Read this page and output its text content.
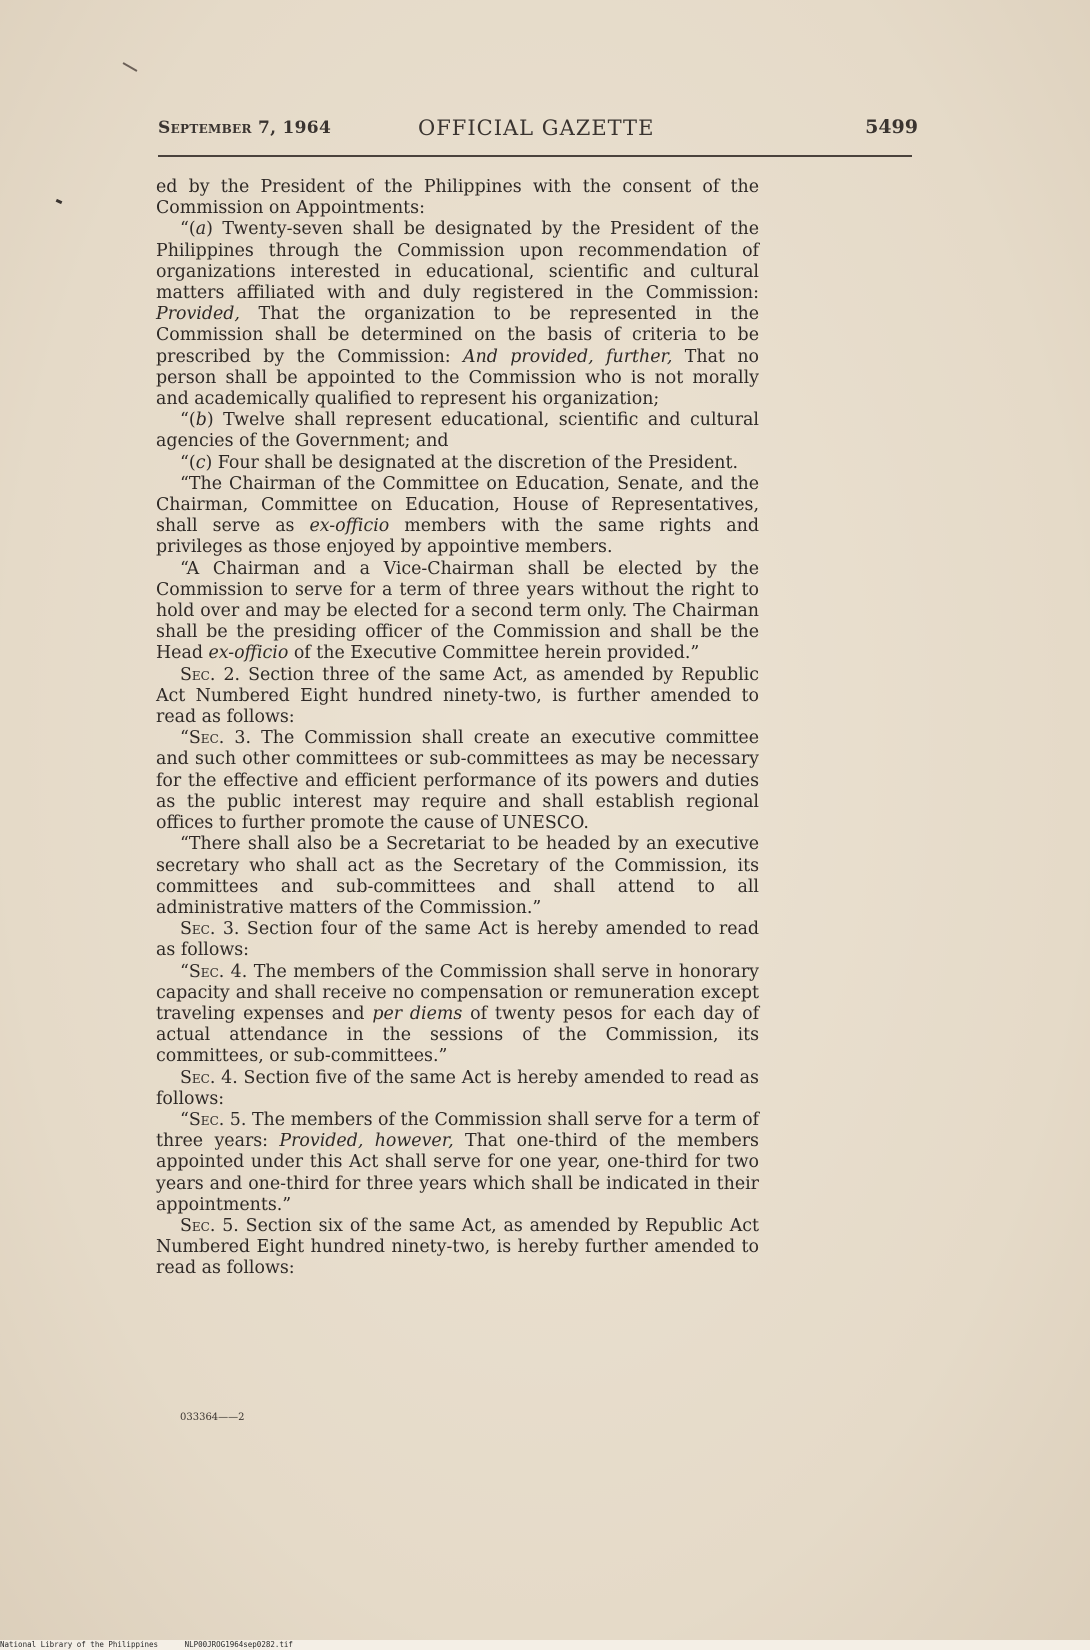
September 7, 1964	OFFICIAL GAZETTE	5499

ed by the President of the Philippines with the consent of the Commission on Appointments:

“(a) Twenty-seven shall be designated by the President of the Philippines through the Commission upon recommendation of organizations interested in educational, scientific and cultural matters affiliated with and duly registered in the Commission: Provided, That the organization to be represented in the Commission shall be determined on the basis of criteria to be prescribed by the Commission: And provided, further, That no person shall be appointed to the Commission who is not morally and academically qualified to represent his organization;

“(b) Twelve shall represent educational, scientific and cultural agencies of the Government; and

“(c) Four shall be designated at the discretion of the President.

“The Chairman of the Committee on Education, Senate, and the Chairman, Committee on Education, House of Representatives, shall serve as ex-officio members with the same rights and privileges as those enjoyed by appointive members.

“A Chairman and a Vice-Chairman shall be elected by the Commission to serve for a term of three years without the right to hold over and may be elected for a second term only. The Chairman shall be the presiding officer of the Commission and shall be the Head ex-officio of the Executive Committee herein provided.”

Sec. 2. Section three of the same Act, as amended by Republic Act Numbered Eight hundred ninety-two, is further amended to read as follows:

“Sec. 3. The Commission shall create an executive committee and such other committees or sub-committees as may be necessary for the effective and efficient performance of its powers and duties as the public interest may require and shall establish regional offices to further promote the cause of UNESCO.

“There shall also be a Secretariat to be headed by an executive secretary who shall act as the Secretary of the Commission, its committees and sub-committees and shall attend to all administrative matters of the Commission.”

Sec. 3. Section four of the same Act is hereby amended to read as follows:

“Sec. 4. The members of the Commission shall serve in honorary capacity and shall receive no compensation or remuneration except traveling expenses and per diems of twenty pesos for each day of actual attendance in the sessions of the Commission, its committees, or sub-committees.”

Sec. 4. Section five of the same Act is hereby amended to read as follows:

“Sec. 5. The members of the Commission shall serve for a term of three years: Provided, however, That one-third of the members appointed under this Act shall serve for one year, one-third for two years and one-third for three years which shall be indicated in their appointments.”

Sec. 5. Section six of the same Act, as amended by Republic Act Numbered Eight hundred ninety-two, is hereby further amended to read as follows:

033364——2
National Library of the Philippines	NLP00JROG1964sep0282.tif
